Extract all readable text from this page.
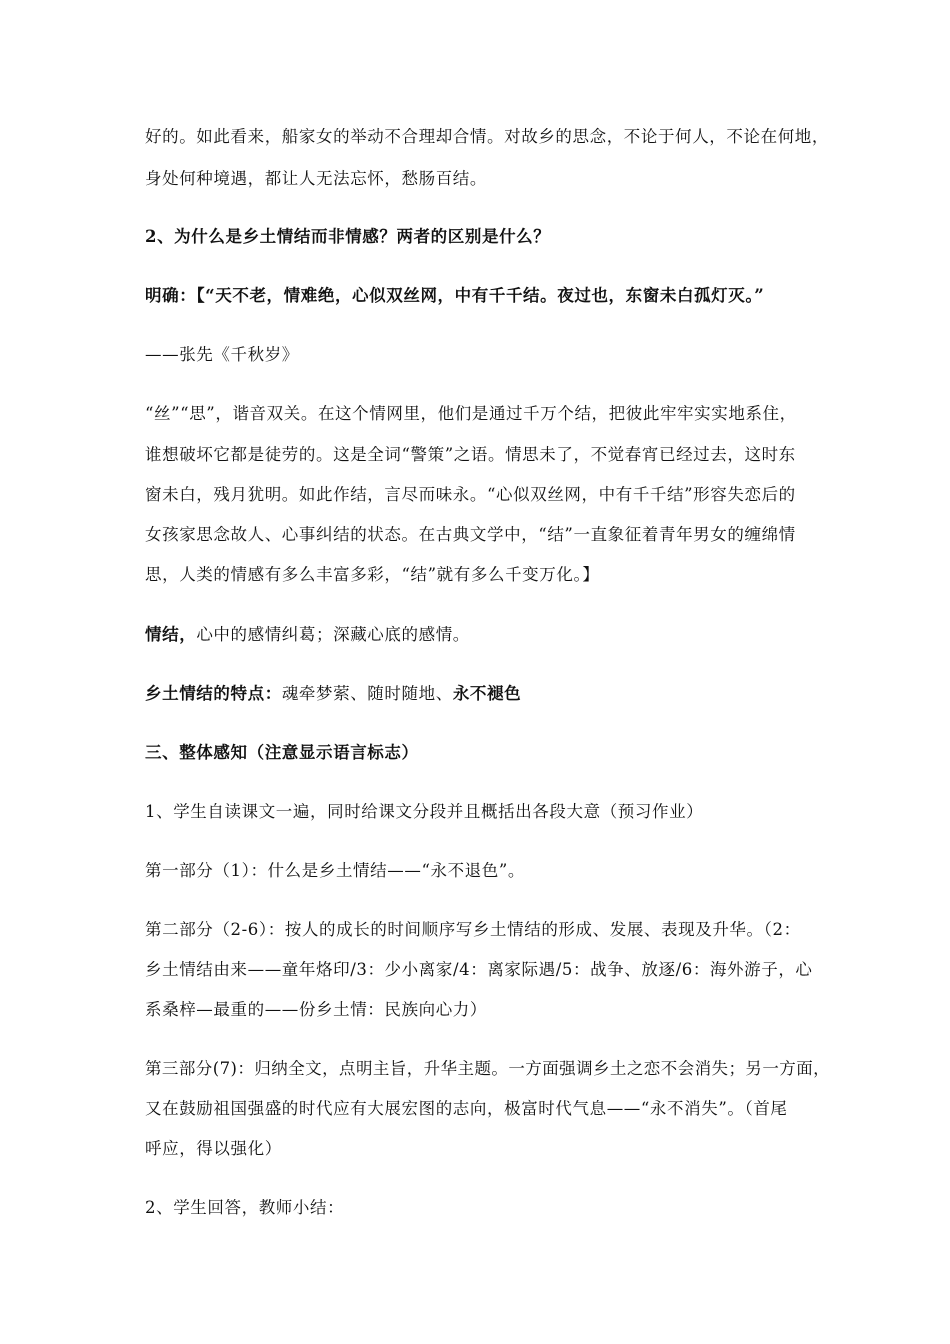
好的。如此看来，船家女的举动不合理却合情。对故乡的思念，不论于何人，不论在何地，
身处何种境遇，都让人无法忘怀，愁肠百结。
2、为什么是乡土情结而非情感？两者的区别是什么？
明确：【“天不老，情难绝，心似双丝网，中有千千结。夜过也，东窗未白孤灯灭。”
——张先《千秋岁》
“丝”“思”，谐音双关。在这个情网里，他们是通过千万个结，把彼此牢牢实实地系住，
谁想破坏它都是徒劳的。这是全词“警策”之语。情思未了，不觉春宵已经过去，这时东
窗未白，残月犹明。如此作结，言尽而味永。“心似双丝网，中有千千结”形容失恋后的
女孩家思念故人、心事纠结的状态。在古典文学中，“结”一直象征着青年男女的缠绵情
思，人类的情感有多么丰富多彩，“结”就有多么千变万化。】
情结，心中的感情纠葛；深藏心底的感情。
乡土情结的特点：魂牵梦萦、随时随地、永不褪色
三、整体感知（注意显示语言标志）
1、学生自读课文一遍，同时给课文分段并且概括出各段大意（预习作业）
第一部分（1）：什么是乡土情结——“永不退色”。
第二部分（2-6）：按人的成长的时间顺序写乡土情结的形成、发展、表现及升华。（2：
乡土情结由来——童年烙印/3：少小离家/4：离家际遇/5：战争、放逐/6：海外游子，心
系桑梓—最重的——份乡土情：民族向心力）
第三部分(7)：归纳全文，点明主旨，升华主题。一方面强调乡土之恋不会消失；另一方面，
又在鼓励祖国强盛的时代应有大展宏图的志向，极富时代气息——“永不消失”。（首尾
呼应，得以强化）
2、学生回答，教师小结：
